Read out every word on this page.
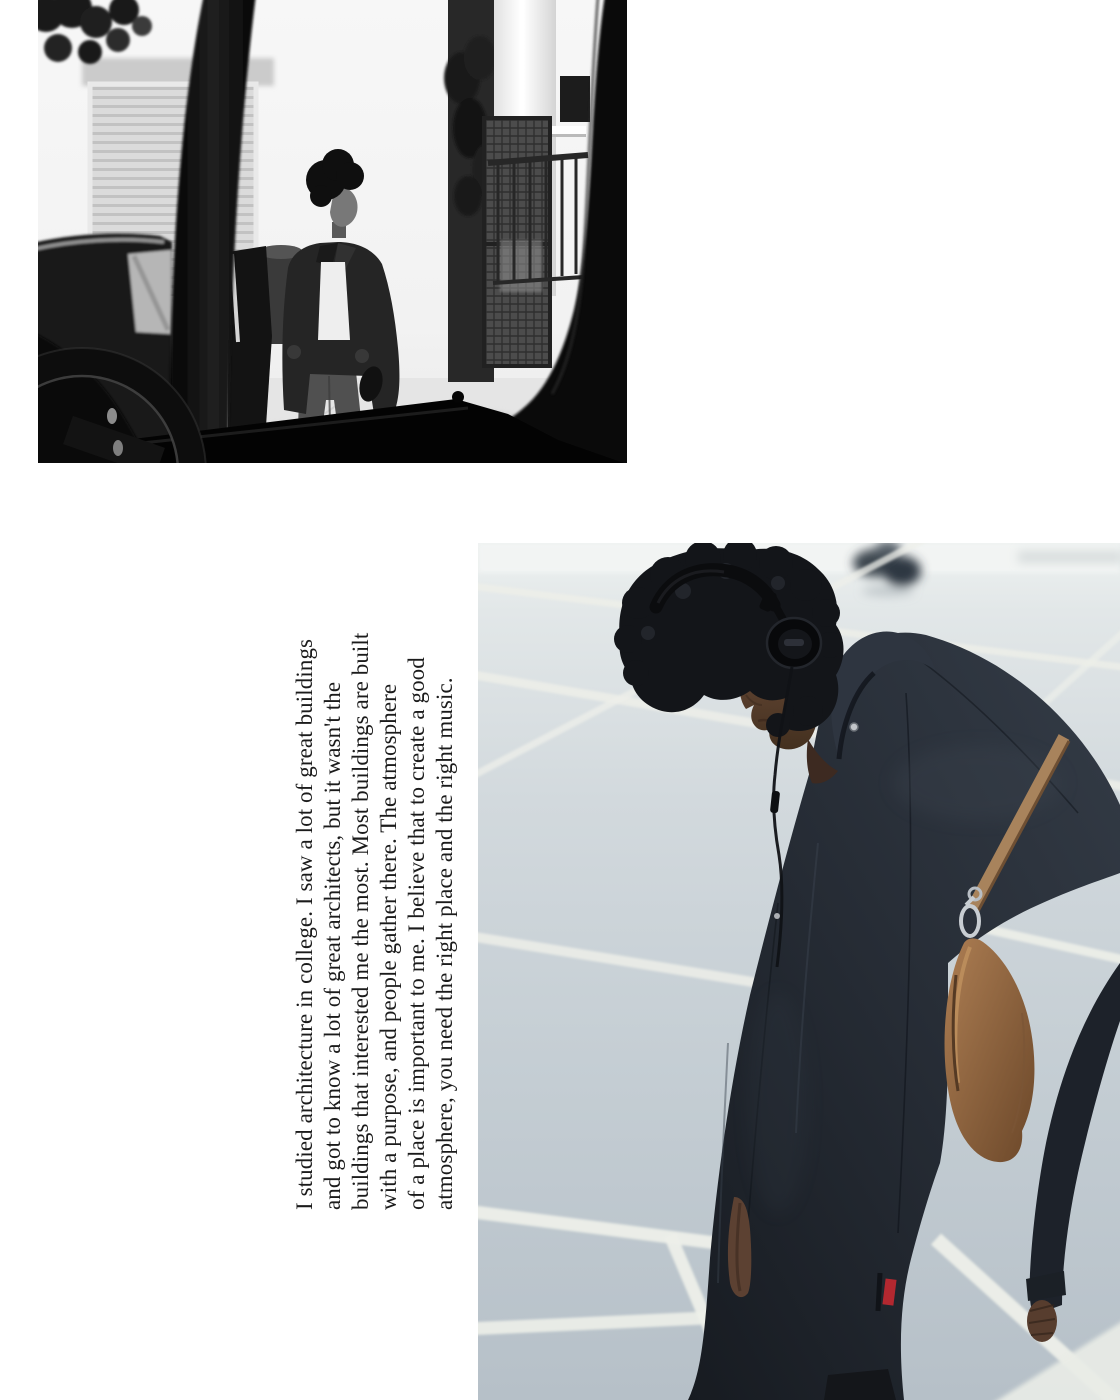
I studied architecture in college. I saw a lot of great buildings and got to know a lot of great architects, but it wasn't the buildings that interested me the most. Most buildings are built with a purpose, and people gather there. The atmosphere of a place is important to me. I believe that to create a good atmosphere, you need the right place and the right music.
